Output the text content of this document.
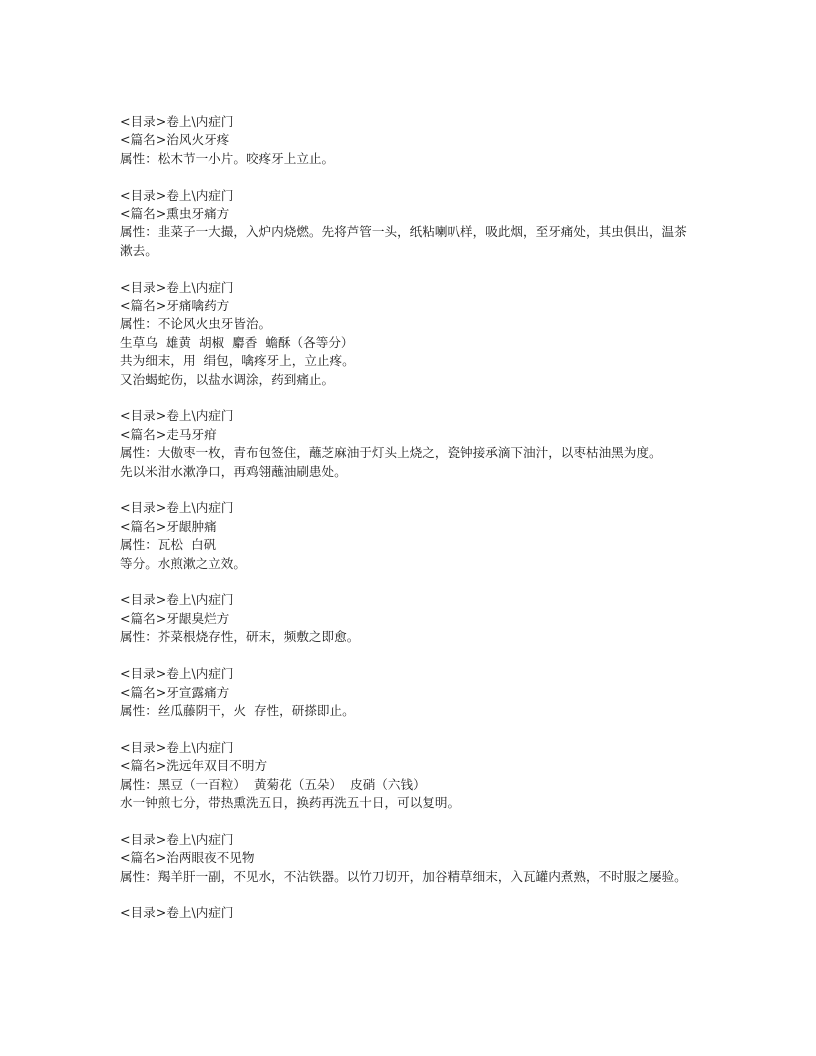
<目录>卷上\内症门
<篇名>治风火牙疼
属性：松木节一小片。咬疼牙上立止。
<目录>卷上\内症门
<篇名>熏虫牙痛方
属性：韭菜子一大撮，入炉内烧燃。先将芦管一头，纸粘喇叭样，吸此烟，至牙痛处，其虫俱出，温茶漱去。
<目录>卷上\内症门
<篇名>牙痛噙药方
属性：不论风火虫牙皆治。
生草乌  雄黄  胡椒  麝香  蟾酥（各等分）
共为细末，用  绢包，噙疼牙上，立止疼。
又治蝎蛇伤，以盐水调涂，药到痛止。
<目录>卷上\内症门
<篇名>走马牙疳
属性：大傲枣一枚，青布包签住，蘸芝麻油于灯头上烧之，瓷钟接承滴下油汁，以枣枯油黑为度。
先以米泔水漱净口，再鸡翎蘸油刷患处。
<目录>卷上\内症门
<篇名>牙龈肿痛
属性：瓦松  白矾
等分。水煎漱之立效。
<目录>卷上\内症门
<篇名>牙龈臭烂方
属性：芥菜根烧存性，研末，频敷之即愈。
<目录>卷上\内症门
<篇名>牙宣露痛方
属性：丝瓜藤阴干，火  存性，研搽即止。
<目录>卷上\内症门
<篇名>洗远年双目不明方
属性：黑豆（一百粒）  黄菊花（五朵）  皮硝（六钱）
水一钟煎七分，带热熏洗五日，换药再洗五十日，可以复明。
<目录>卷上\内症门
<篇名>治两眼夜不见物
属性：羯羊肝一副，不见水，不沾铁器。以竹刀切开，加谷精草细末，入瓦罐内煮熟，不时服之屡验。
<目录>卷上\内症门
